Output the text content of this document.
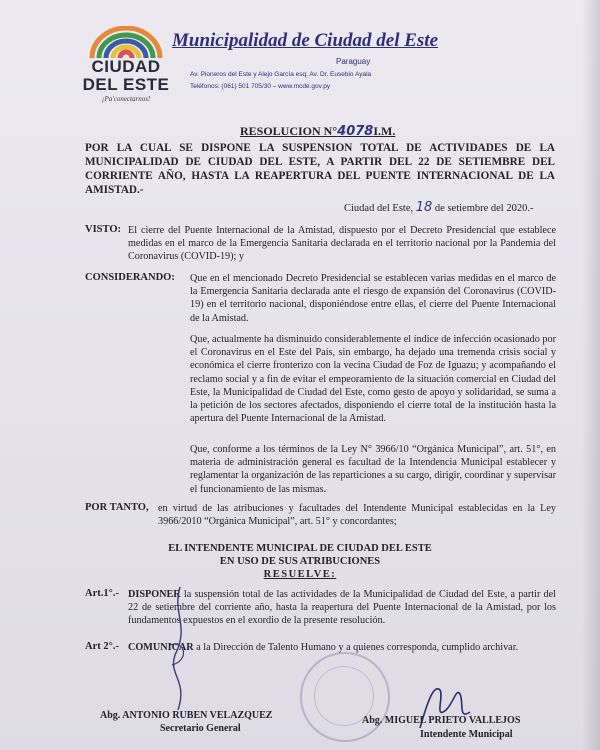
CIUDAD
DEL ESTE
¡Pa'conectarnos!
Municipalidad de Ciudad del Este
Paraguay
Av. Pioneros del Este y Alejo García esq. Av. Dr. Eusebio Ayala
Teléfonos: (061) 501 705/30 – www.mcde.gov.py
RESOLUCION N°4078I.M.
POR LA CUAL SE DISPONE LA SUSPENSION TOTAL DE ACTIVIDADES DE LA MUNICIPALIDAD DE CIUDAD DEL ESTE, A PARTIR DEL 22 DE SETIEMBRE DEL CORRIENTE AÑO, HASTA LA REAPERTURA DEL PUENTE INTERNACIONAL DE LA AMISTAD.-
Ciudad del Este, 18 de setiembre del 2020.-
VISTO: El cierre del Puente Internacional de la Amistad, dispuesto por el Decreto Presidencial que establece medidas en el marco de la Emergencia Sanitaria declarada en el territorio nacional por la Pandemia del Coronavirus (COVID-19); y
CONSIDERANDO: Que en el mencionado Decreto Presidencial se establecen varias medidas en el marco de la Emergencia Sanitaria declarada ante el riesgo de expansión del Coronavirus (COVID-19) en el territorio nacional, disponiéndose entre ellas, el cierre del Puente Internacional de la Amistad.
Que, actualmente ha disminuido considerablemente el índice de infección ocasionado por el Coronavirus en el Este del País, sin embargo, ha dejado una tremenda crisis social y económica el cierre fronterizo con la vecina Ciudad de Foz de Iguazu; y acompañando el reclamo social y a fin de evitar el empeoramiento de la situación comercial en Ciudad del Este, la Municipalidad de Ciudad del Este, como gesto de apoyo y solidaridad, se suma a la petición de los sectores afectados, disponiendo el cierre total de la institución hasta la apertura del Puente Internacional de la Amistad.
Que, conforme a los términos de la Ley N° 3966/10 “Orgánica Municipal”, art. 51°, en materia de administración general es facultad de la Intendencia Municipal establecer y reglamentar la organización de las reparticiones a su cargo, dirigir, coordinar y supervisar el funcionamiento de las mismas.
POR TANTO, en virtud de las atribuciones y facultades del Intendente Municipal establecidas en la Ley 3966/2010 “Orgánica Municipal”, art. 51° y concordantes;
EL INTENDENTE MUNICIPAL DE CIUDAD DEL ESTE
EN USO DE SUS ATRIBUCIONES
RESUELVE:
Art.1°.- DISPONER la suspensión total de las actividades de la Municipalidad de Ciudad del Este, a partir del 22 de setiembre del corriente año, hasta la reapertura del Puente Internacional de la Amistad, por los fundamentos expuestos en el exordio de la presente resolución.
Art 2°.- COMUNICAR a la Dirección de Talento Humano y a quienes corresponda, cumplido archivar.
Abg. ANTONIO RUBEN VELAZQUEZ
Secretario General
Abg. MIGUEL PRIETO VALLEJOS
Intendente Municipal
